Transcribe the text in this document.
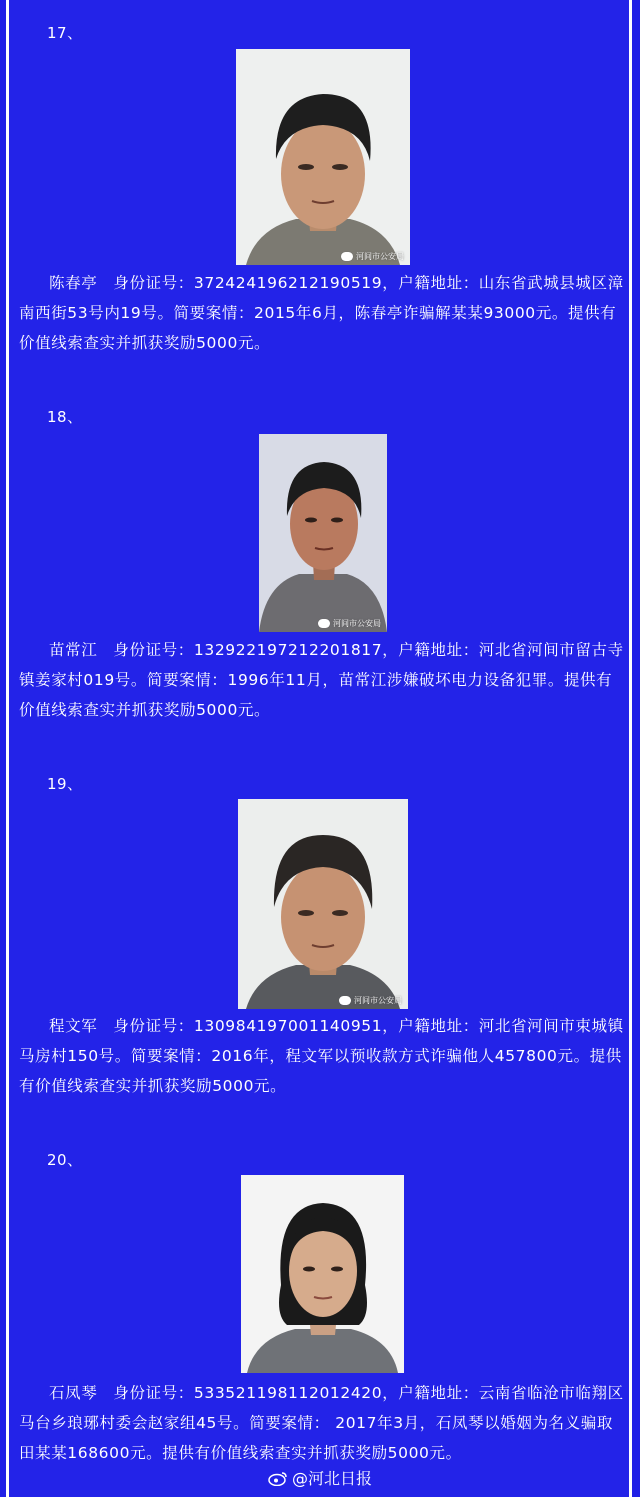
17、
河间市公安局
陈春亭　身份证号：372424196212190519，户籍地址：山东省武城县城区漳南西街53号内19号。简要案情：2015年6月，陈春亭诈骗解某某93000元。提供有价值线索查实并抓获奖励5000元。
18、
河间市公安局
苗常江　身份证号：132922197212201817，户籍地址：河北省河间市留古寺镇姜家村019号。简要案情：1996年11月，苗常江涉嫌破坏电力设备犯罪。提供有价值线索查实并抓获奖励5000元。
19、
河间市公安局
程文军　身份证号：130984197001140951，户籍地址：河北省河间市束城镇马房村150号。简要案情：2016年，程文军以预收款方式诈骗他人457800元。提供有价值线索查实并抓获奖励5000元。
20、
石凤琴　身份证号：533521198112012420，户籍地址：云南省临沧市临翔区马台乡琅琊村委会赵家组45号。简要案情： 2017年3月，石凤琴以婚姻为名义骗取田某某168600元。提供有价值线索查实并抓获奖励5000元。
@河北日报
